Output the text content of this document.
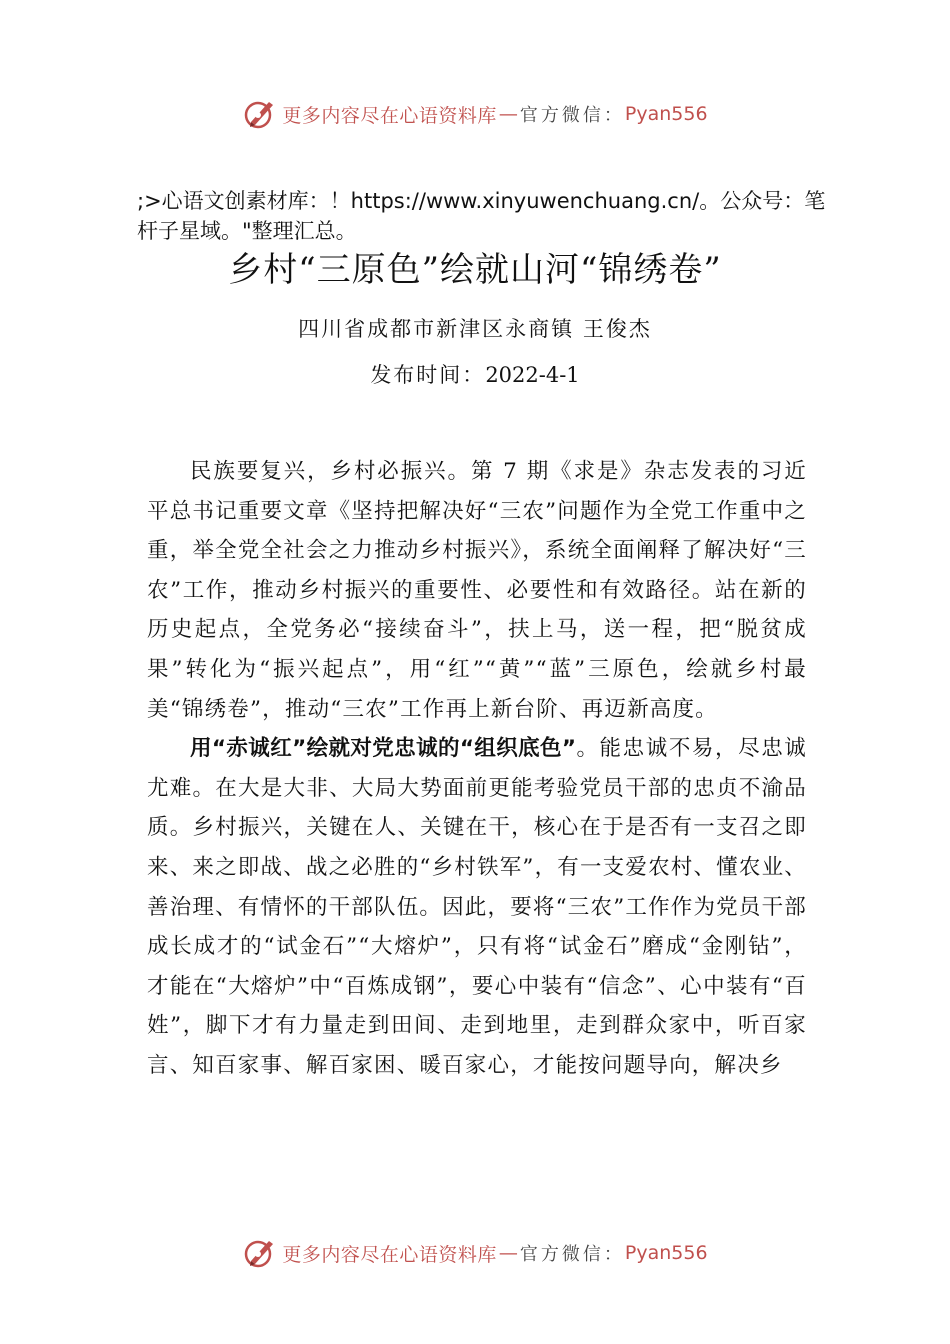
更多内容尽在心语资料库 — 官方微信： Pyan556
;>心语文创素材库：！https://www.xinyuwenchuang.cn/。公众号：笔杆子星域。"整理汇总。
乡村“三原色”绘就山河“锦绣卷”
四川省成都市新津区永商镇 王俊杰
发布时间：2022-4-1

民族要复兴，乡村必振兴。第 7 期《求是》杂志发表的习近平总书记重要文章《坚持把解决好“三农”问题作为全党工作重中之重，举全党全社会之力推动乡村振兴》，系统全面阐释了解决好“三农”工作，推动乡村振兴的重要性、必要性和有效路径。站在新的历史起点，全党务必“接续奋斗”，扶上马，送一程，把“脱贫成果”转化为“振兴起点”，用“红”“黄”“蓝”三原色，绘就乡村最美“锦绣卷”，推动“三农”工作再上新台阶、再迈新高度。

用“赤诚红”绘就对党忠诚的“组织底色”。能忠诚不易，尽忠诚尤难。在大是大非、大局大势面前更能考验党员干部的忠贞不渝品质。乡村振兴，关键在人、关键在干，核心在于是否有一支召之即来、来之即战、战之必胜的“乡村铁军”，有一支爱农村、懂农业、善治理、有情怀的干部队伍。因此，要将“三农”工作作为党员干部成长成才的“试金石”“大熔炉”，只有将“试金石”磨成“金刚钻”，才能在“大熔炉”中“百炼成钢”，要心中装有“信念”、心中装有“百姓”，脚下才有力量走到田间、走到地里，走到群众家中，听百家言、知百家事、解百家困、暖百家心，才能按问题导向，解决乡

更多内容尽在心语资料库 — 官方微信： Pyan556
